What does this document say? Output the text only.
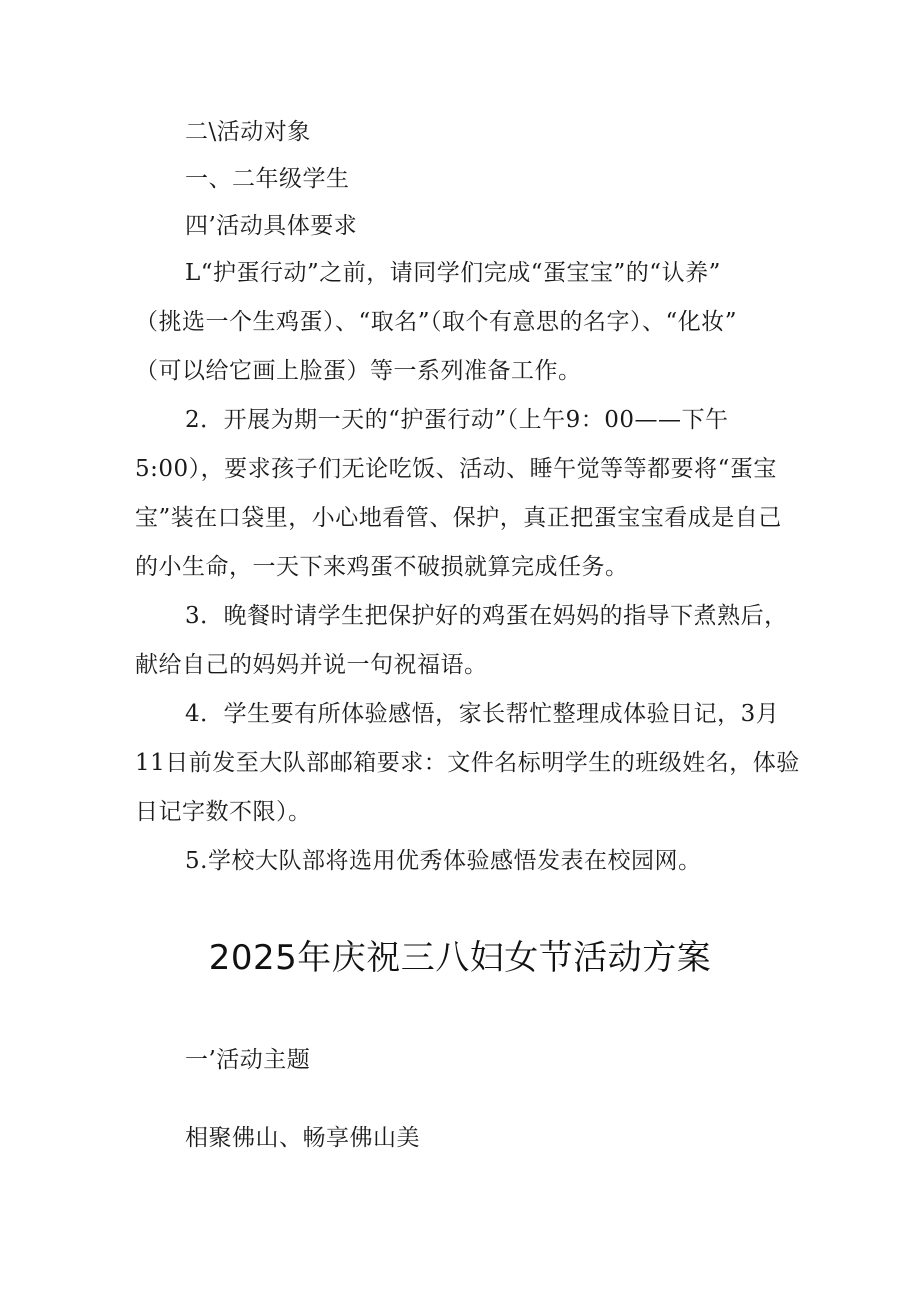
二\活动对象
一、二年级学生
四’活动具体要求
L“护蛋行动”之前，请同学们完成“蛋宝宝”的“认养”
（挑选一个生鸡蛋）、“取名”（取个有意思的名字）、“化妆”
（可以给它画上脸蛋）等一系列准备工作。
2．开展为期一天的“护蛋行动”（上午9：00——下午
5:00），要求孩子们无论吃饭、活动、睡午觉等等都要将“蛋宝
宝”装在口袋里，小心地看管、保护，真正把蛋宝宝看成是自己
的小生命，一天下来鸡蛋不破损就算完成任务。
3．晚餐时请学生把保护好的鸡蛋在妈妈的指导下煮熟后，
献给自己的妈妈并说一句祝福语。
4．学生要有所体验感悟，家长帮忙整理成体验日记，3月
11日前发至大队部邮箱要求：文件名标明学生的班级姓名，体验
日记字数不限）。
5.学校大队部将选用优秀体验感悟发表在校园网。
2025年庆祝三八妇女节活动方案
一’活动主题
相聚佛山、畅享佛山美
